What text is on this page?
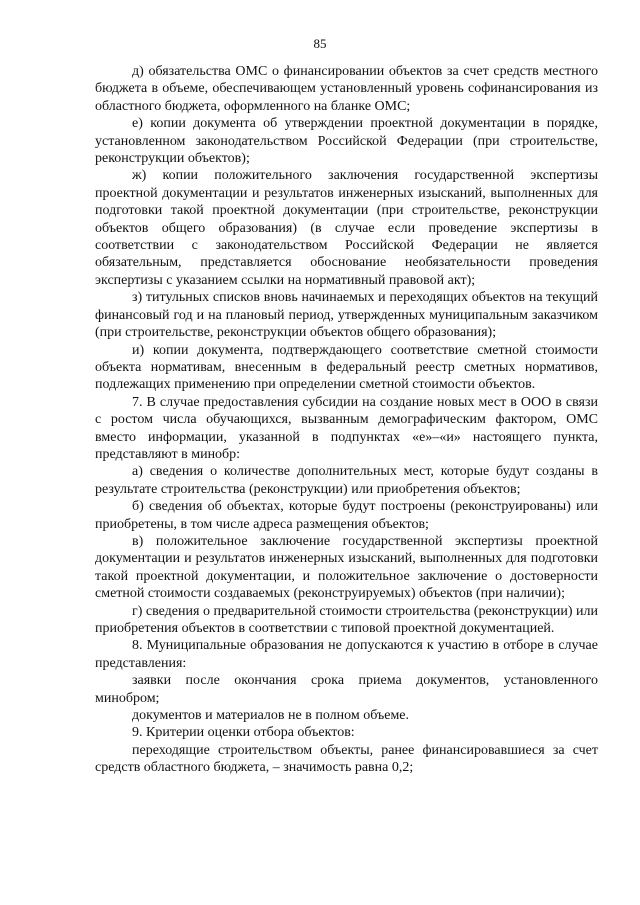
85

д) обязательства ОМС о финансировании объектов за счет средств местного бюджета в объеме, обеспечивающем установленный уровень софинансирования из областного бюджета, оформленного на бланке ОМС;

е) копии документа об утверждении проектной документации в порядке, установленном законодательством Российской Федерации (при строительстве, реконструкции объектов);

ж) копии положительного заключения государственной экспертизы проектной документации и результатов инженерных изысканий, выполненных для подготовки такой проектной документации (при строительстве, реконструкции объектов общего образования) (в случае если проведение экспертизы в соответствии с законодательством Российской Федерации не является обязательным, представляется обоснование необязательности проведения экспертизы с указанием ссылки на нормативный правовой акт);

з) титульных списков вновь начинаемых и переходящих объектов на текущий финансовый год и на плановый период, утвержденных муниципальным заказчиком (при строительстве, реконструкции объектов общего образования);

и) копии документа, подтверждающего соответствие сметной стоимости объекта нормативам, внесенным в федеральный реестр сметных нормативов, подлежащих применению при определении сметной стоимости объектов.

7. В случае предоставления субсидии на создание новых мест в ООО в связи с ростом числа обучающихся, вызванным демографическим фактором, ОМС вместо информации, указанной в подпунктах «е»–«и» настоящего пункта, представляют в минобр:

а) сведения о количестве дополнительных мест, которые будут созданы в результате строительства (реконструкции) или приобретения объектов;

б) сведения об объектах, которые будут построены (реконструированы) или приобретены, в том числе адреса размещения объектов;

в) положительное заключение государственной экспертизы проектной документации и результатов инженерных изысканий, выполненных для подготовки такой проектной документации, и положительное заключение о достоверности сметной стоимости создаваемых (реконструируемых) объектов (при наличии);

г) сведения о предварительной стоимости строительства (реконструкции) или приобретения объектов в соответствии с типовой проектной документацией.

8. Муниципальные образования не допускаются к участию в отборе в случае представления:

заявки после окончания срока приема документов, установленного минобром;

документов и материалов не в полном объеме.

9. Критерии оценки отбора объектов:

переходящие строительством объекты, ранее финансировавшиеся за счет средств областного бюджета, – значимость равна 0,2;
